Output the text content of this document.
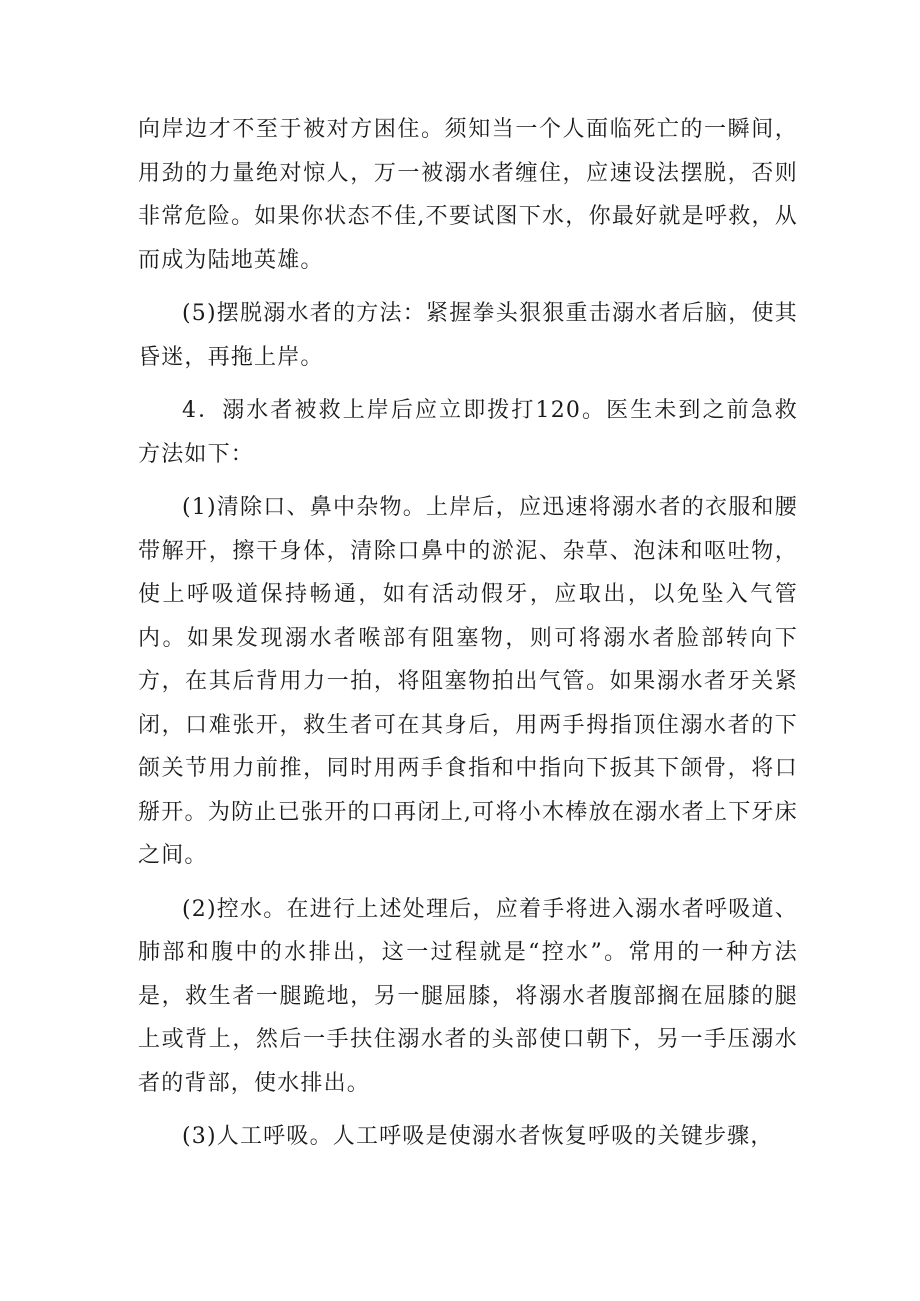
向岸边才不至于被对方困住。须知当一个人面临死亡的一瞬间，用劲的力量绝对惊人，万一被溺水者缠住，应速设法摆脱，否则非常危险。如果你状态不佳,不要试图下水，你最好就是呼救，从而成为陆地英雄。

(5)摆脱溺水者的方法：紧握拳头狠狠重击溺水者后脑，使其昏迷，再拖上岸。

4．溺水者被救上岸后应立即拨打120。医生未到之前急救方法如下：

(1)清除口、鼻中杂物。上岸后，应迅速将溺水者的衣服和腰带解开，擦干身体，清除口鼻中的淤泥、杂草、泡沫和呕吐物，使上呼吸道保持畅通，如有活动假牙，应取出，以免坠入气管内。如果发现溺水者喉部有阻塞物，则可将溺水者脸部转向下方，在其后背用力一拍，将阻塞物拍出气管。如果溺水者牙关紧闭，口难张开，救生者可在其身后，用两手拇指顶住溺水者的下颌关节用力前推，同时用两手食指和中指向下扳其下颌骨，将口掰开。为防止已张开的口再闭上,可将小木棒放在溺水者上下牙床之间。

(2)控水。在进行上述处理后，应着手将进入溺水者呼吸道、肺部和腹中的水排出，这一过程就是“控水”。常用的一种方法是，救生者一腿跪地，另一腿屈膝，将溺水者腹部搁在屈膝的腿上或背上，然后一手扶住溺水者的头部使口朝下，另一手压溺水者的背部，使水排出。

(3)人工呼吸。人工呼吸是使溺水者恢复呼吸的关键步骤，
